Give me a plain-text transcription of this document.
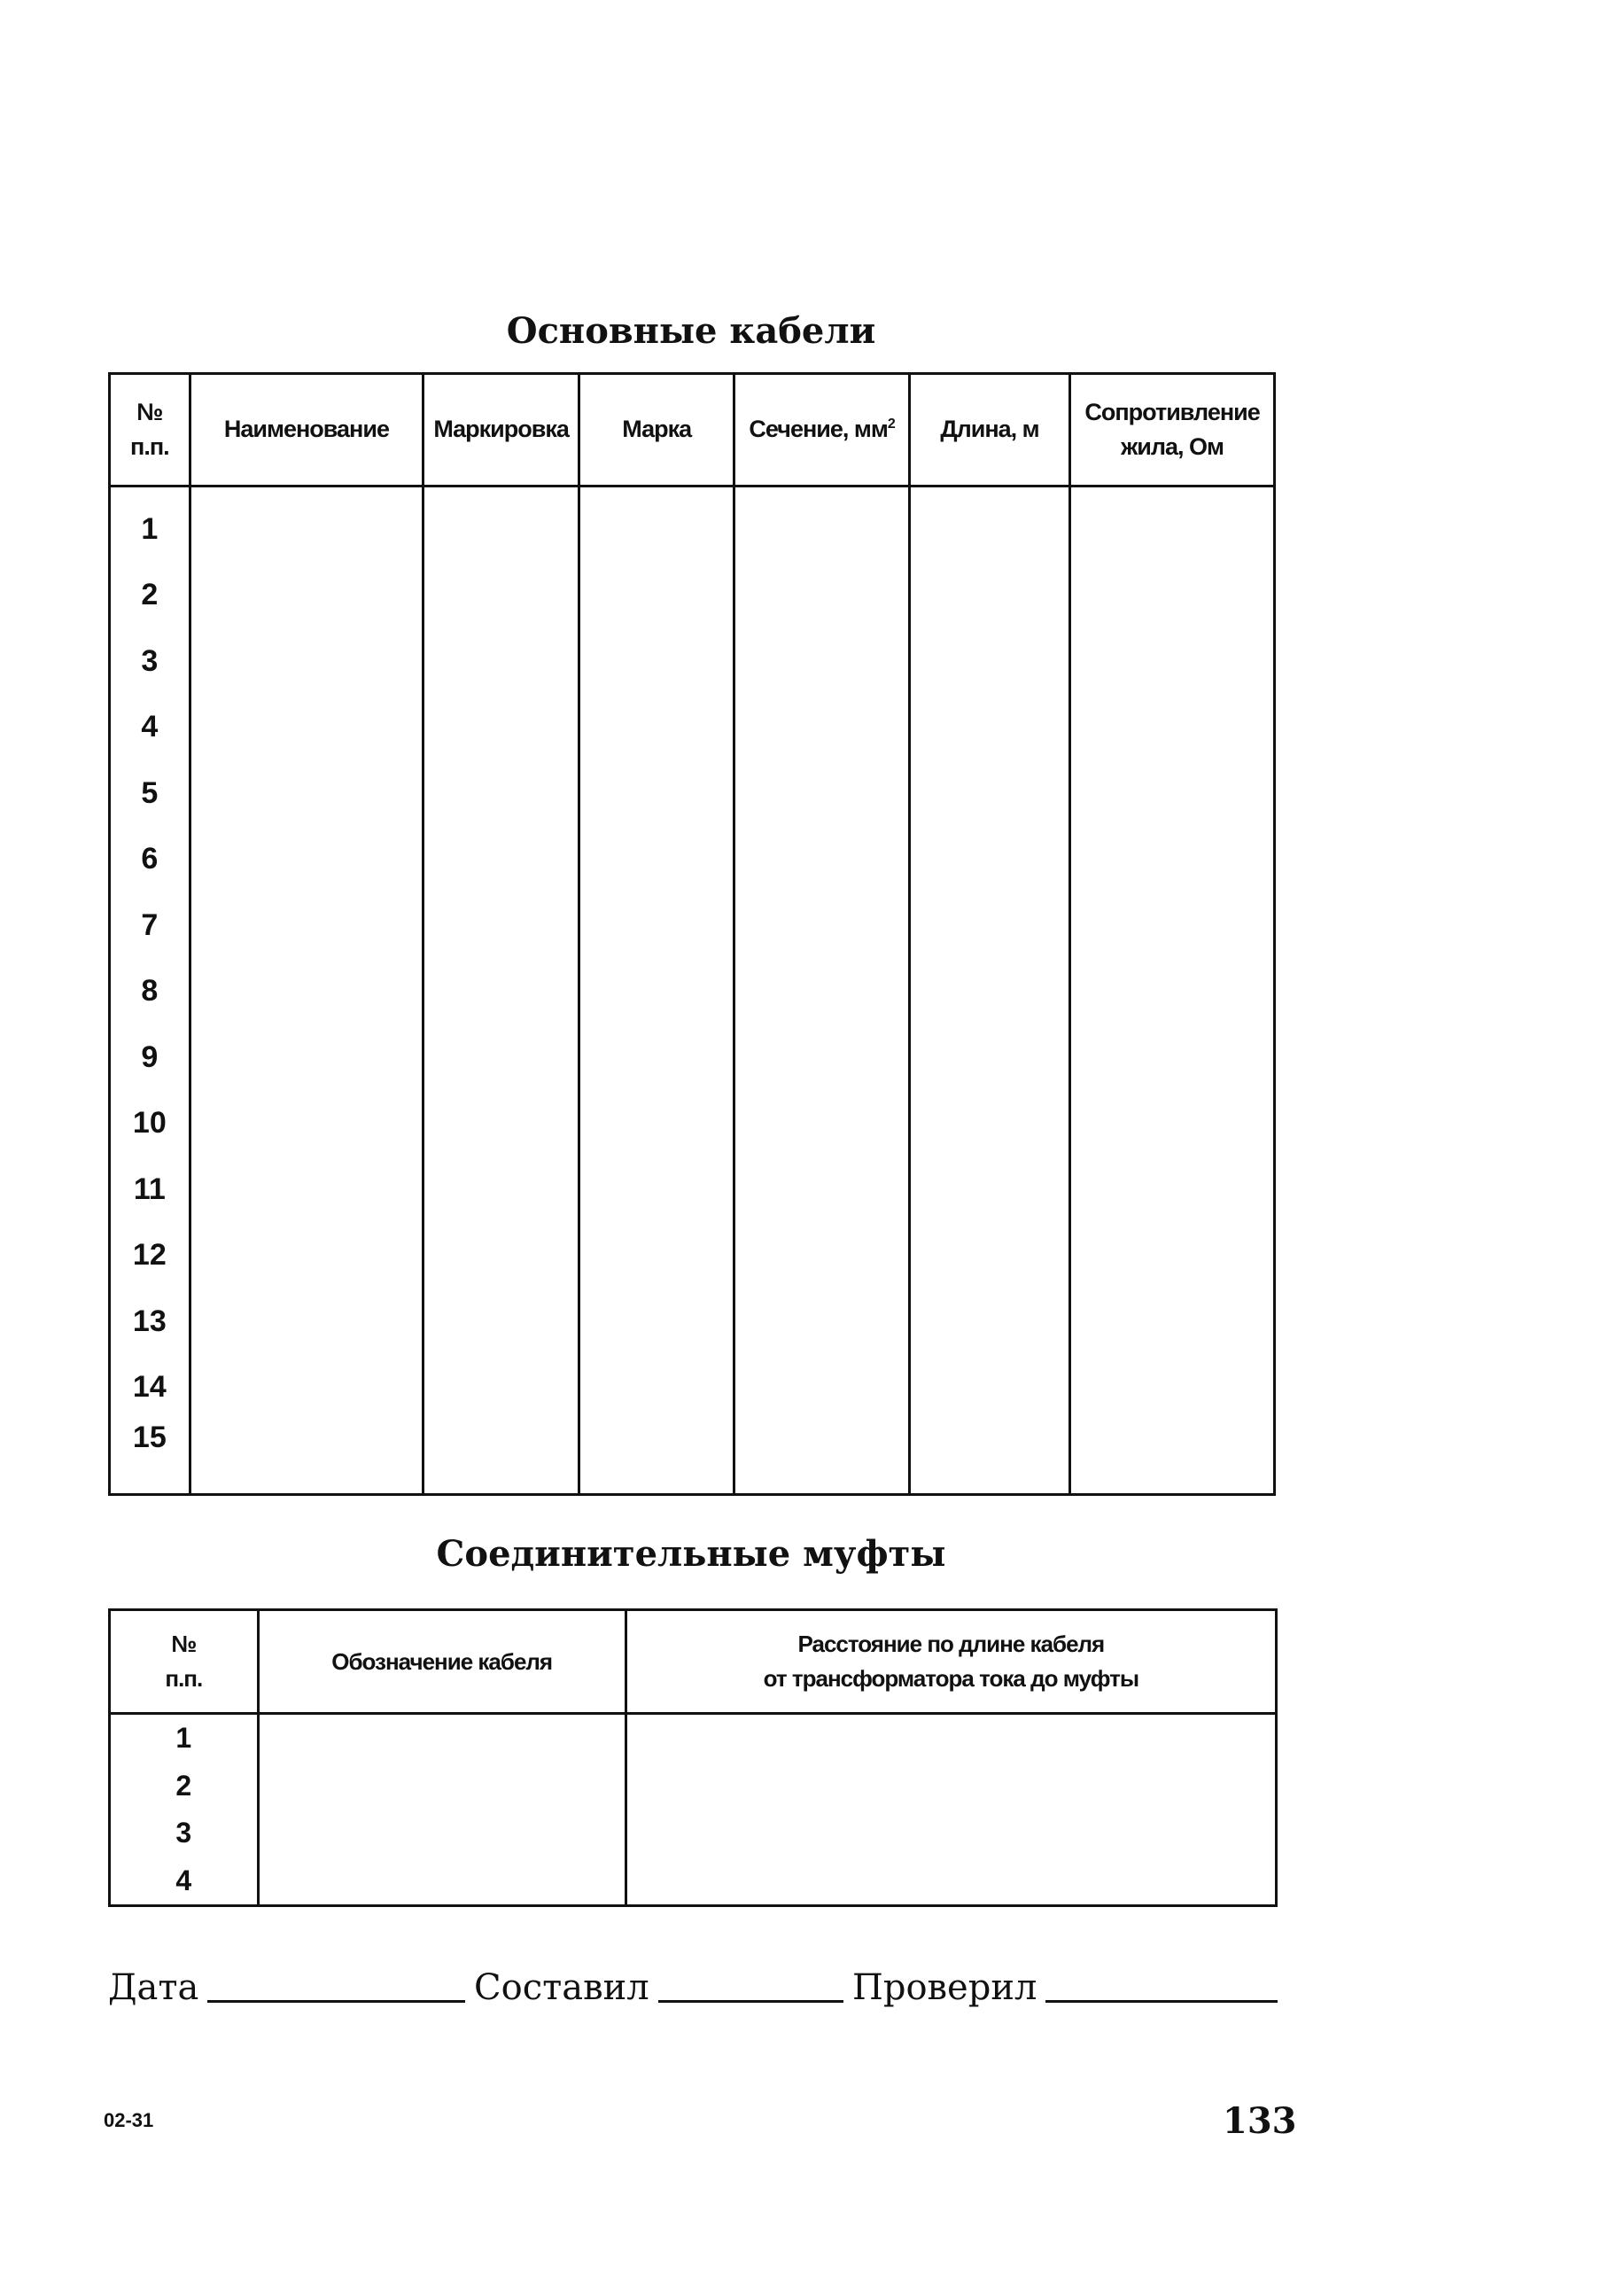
Основные кабели
№
п.п.	Наименование	Маркировка	Марка	Сечение, $мм^2$	Длина, м	Сопротивление
жила, Ом
1						
2						
3						
4						
5						
6						
7						
8						
9						
10						
11						
12						
13						
14						
15						
Соединительные муфты
№
п.п.	Обозначение кабеля	Расстояние по длине кабеля
от трансформатора тока до муфты
1		
2		
3		
4		
Дата	Составил	Проверил
02-31	133
